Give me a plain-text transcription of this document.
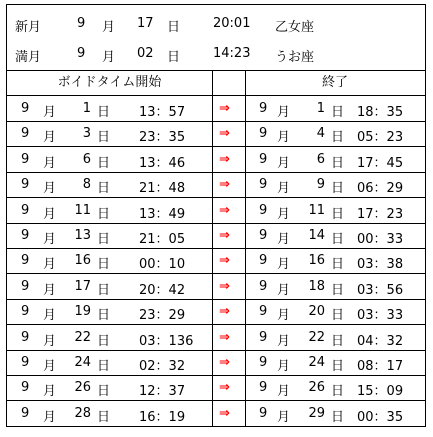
新月	9 月 17 日	20:01 乙女座
満月	9 月 02 日	14:23 うお座
ボイドタイム開始	終了
9 月	1 日 13：57	⇒ 9 月	1 日 18：35
9 月	3 日 23：35	⇒ 9 月	4 日 05：23
9 月	6 日 13：46	⇒ 9 月	6 日 17：45
9 月	8 日 21：48	⇒ 9 月	9 日 06：29
9 月	11 日 13：49	⇒ 9 月	11 日 17：23
9 月	13 日 21：05	⇒ 9 月	14 日 00：33
9 月	16 日 00：10	⇒ 9 月	16 日 03：38
9 月	17 日 20：42	⇒ 9 月	18 日 03：56
9 月	19 日 23：29	⇒ 9 月	20 日 03：33
9 月	22 日 03：136 ⇒ 9 月	22 日 04：32
9 月	24 日 02：32	⇒ 9 月	24 日 08：17
9 月	26 日 12：37	⇒ 9 月	26 日 15：09
9 月	28 日 16：19	⇒ 9 月	29 日 00：35
